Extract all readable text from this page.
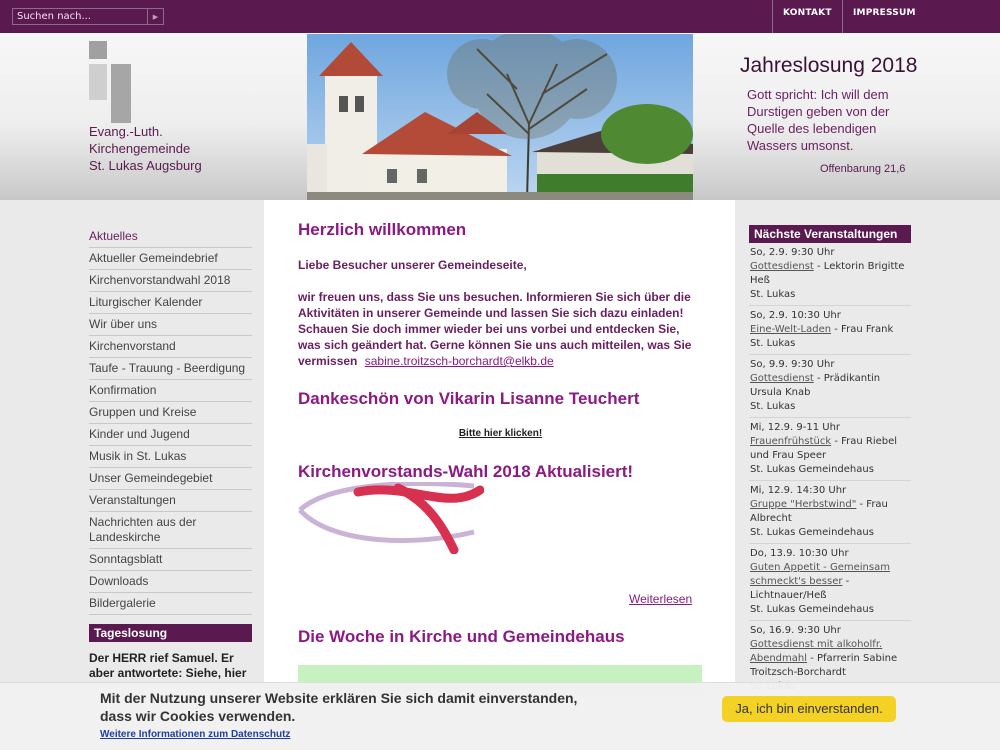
Suchen nach...
▶	KONTAKT	IMPRESSUM
Evang.-Luth.
Kirchengemeinde
St. Lukas Augsburg
Jahreslosung 2018
Gott spricht: Ich will dem Durstigen geben von der Quelle des lebendigen Wassers umsonst.
Offenbarung 21,6
Aktuelles
Aktueller Gemeindebrief
Kirchenvorstandwahl 2018
Liturgischer Kalender
Wir über uns
Kirchenvorstand
Taufe - Trauung - Beerdigung
Konfirmation
Gruppen und Kreise
Kinder und Jugend
Musik in St. Lukas
Unser Gemeindegebiet
Veranstaltungen
Nachrichten aus der Landeskirche
Sonntagsblatt
Downloads
Bildergalerie
Tageslosung
Der HERR rief Samuel. Er aber antwortete: Siehe, hier
Herzlich willkommen
Liebe Besucher unserer Gemeindeseite,
wir freuen uns, dass Sie uns besuchen. Informieren Sie sich über die Aktivitäten in unserer Gemeinde und lassen Sie sich dazu einladen! Schauen Sie doch immer wieder bei uns vorbei und entdecken Sie, was sich geändert hat. Gerne können Sie uns auch mitteilen, was Sie vermissen sabine.troitzsch-borchardt@elkb.de
Dankeschön von Vikarin Lisanne Teuchert
Bitte hier klicken!
Kirchenvorstands-Wahl 2018 Aktualisiert!
Weiterlesen
Die Woche in Kirche und Gemeindehaus
Nächste Veranstaltungen
So, 2.9. 9:30 Uhr
Gottesdienst - Lektorin Brigitte Heß
St. Lukas
So, 2.9. 10:30 Uhr
Eine-Welt-Laden - Frau Frank
St. Lukas
So, 9.9. 9:30 Uhr
Gottesdienst - Prädikantin Ursula Knab
St. Lukas
Mi, 12.9. 9-11 Uhr
Frauenfrühstück - Frau Riebel und Frau Speer
St. Lukas Gemeindehaus
Mi, 12.9. 14:30 Uhr
Gruppe "Herbstwind" - Frau Albrecht
St. Lukas Gemeindehaus
Do, 13.9. 10:30 Uhr
Guten Appetit - Gemeinsam schmeckt's besser - Lichtnauer/Heß
St. Lukas Gemeindehaus
So, 16.9. 9:30 Uhr
Gottesdienst mit alkoholfr. Abendmahl - Pfarrerin Sabine Troitzsch-Borchardt
Mit der Nutzung unserer Website erklären Sie sich damit einverstanden, dass wir Cookies verwenden.
Weitere Informationen zum Datenschutz
Ja, ich bin einverstanden.
